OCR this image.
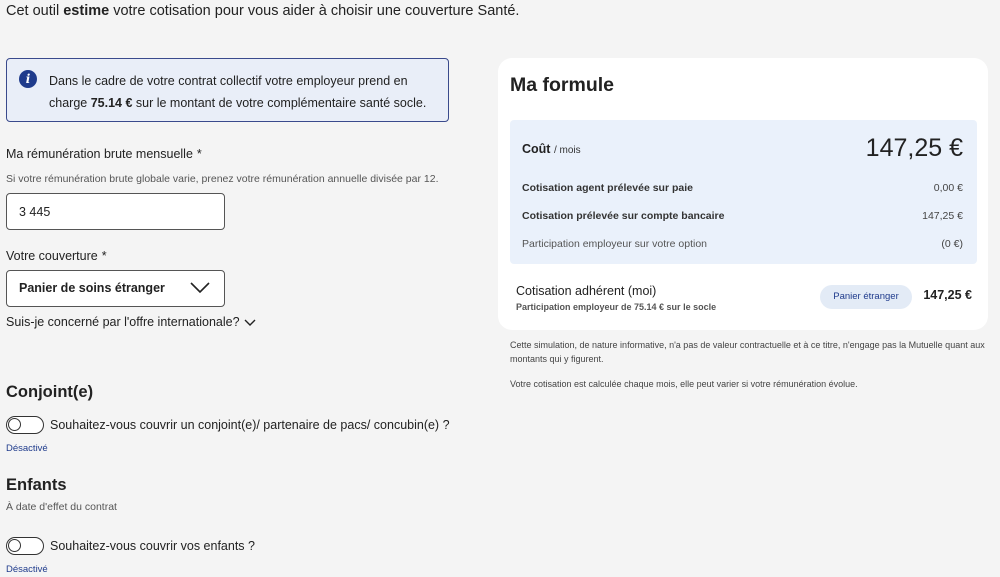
Cet outil estime votre cotisation pour vous aider à choisir une couverture Santé.
i	Dans le cadre de votre contrat collectif votre employeur prend en charge 75.14 € sur le montant de votre complémentaire santé socle.
Ma rémunération brute mensuelle *
Si votre rémunération brute globale varie, prenez votre rémunération annuelle divisée par 12.
3 445
Votre couverture *
Panier de soins étranger
Suis-je concerné par l'offre internationale?
Conjoint(e)
Souhaitez-vous couvrir un conjoint(e)/ partenaire de pacs/ concubin(e) ?
Désactivé
Enfants
À date d'effet du contrat
Souhaitez-vous couvrir vos enfants ?
Désactivé
Ma formule
Coût / mois	147,25 €
Cotisation agent prélevée sur paie	0,00 €
Cotisation prélevée sur compte bancaire	147,25 €
Participation employeur sur votre option	(0 €)
Cotisation adhérent (moi)
Participation employeur de 75.14 € sur le socle
Panier étranger	147,25 €
Cette simulation, de nature informative, n'a pas de valeur contractuelle et à ce titre, n'engage pas la Mutuelle quant aux montants qui y figurent.
Votre cotisation est calculée chaque mois, elle peut varier si votre rémunération évolue.
